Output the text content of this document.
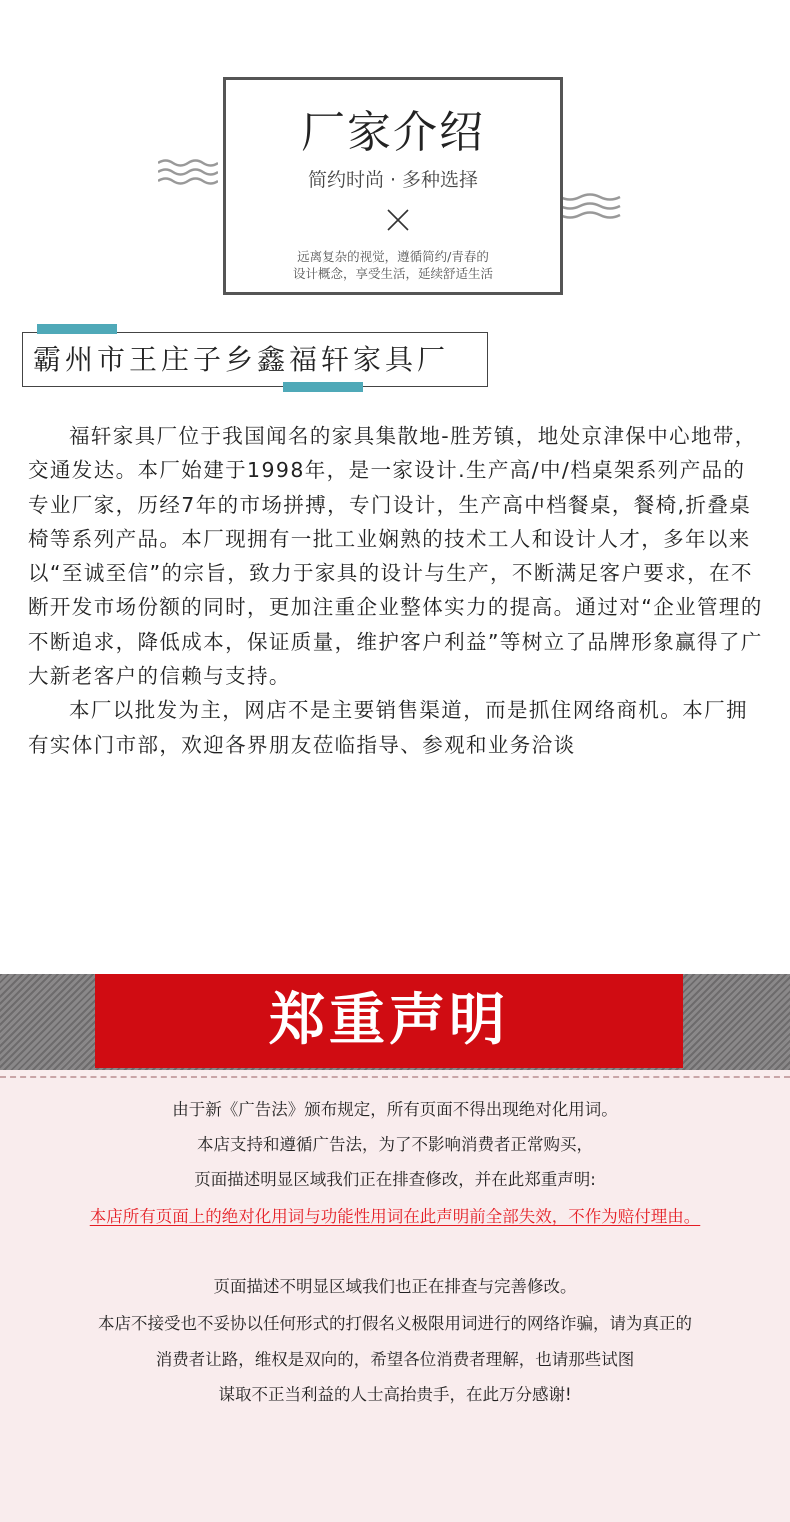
厂家介绍
简约时尚 · 多种选择
远离复杂的视觉，遵循简约/青春的
设计概念，享受生活，延续舒适生活
霸州市王庄子乡鑫福轩家具厂

福轩家具厂位于我国闻名的家具集散地-胜芳镇，地处京津保中心地带，交通发达。本厂始建于1998年，是一家设计.生产高/中/档桌架系列产品的专业厂家，历经7年的市场拼搏，专门设计，生产高中档餐桌，餐椅,折叠桌椅等系列产品。本厂现拥有一批工业娴熟的技术工人和设计人才，多年以来以“至诚至信”的宗旨，致力于家具的设计与生产，不断满足客户要求，在不断开发市场份额的同时，更加注重企业整体实力的提高。通过对“企业管理的不断追求，降低成本，保证质量，维护客户利益”等树立了品牌形象赢得了广大新老客户的信赖与支持。

本厂以批发为主，网店不是主要销售渠道，而是抓住网络商机。本厂拥有实体门市部，欢迎各界朋友莅临指导、参观和业务洽谈

郑重声明
由于新《广告法》颁布规定，所有页面不得出现绝对化用词。
本店支持和遵循广告法，为了不影响消费者正常购买，
页面描述明显区域我们正在排查修改，并在此郑重声明:
本店所有页面上的绝对化用词与功能性用词在此声明前全部失效，不作为赔付理由。
页面描述不明显区域我们也正在排查与完善修改。
本店不接受也不妥协以任何形式的打假名义极限用词进行的网络诈骗，请为真正的
消费者让路，维权是双向的，希望各位消费者理解，也请那些试图
谋取不正当利益的人士高抬贵手，在此万分感谢!
